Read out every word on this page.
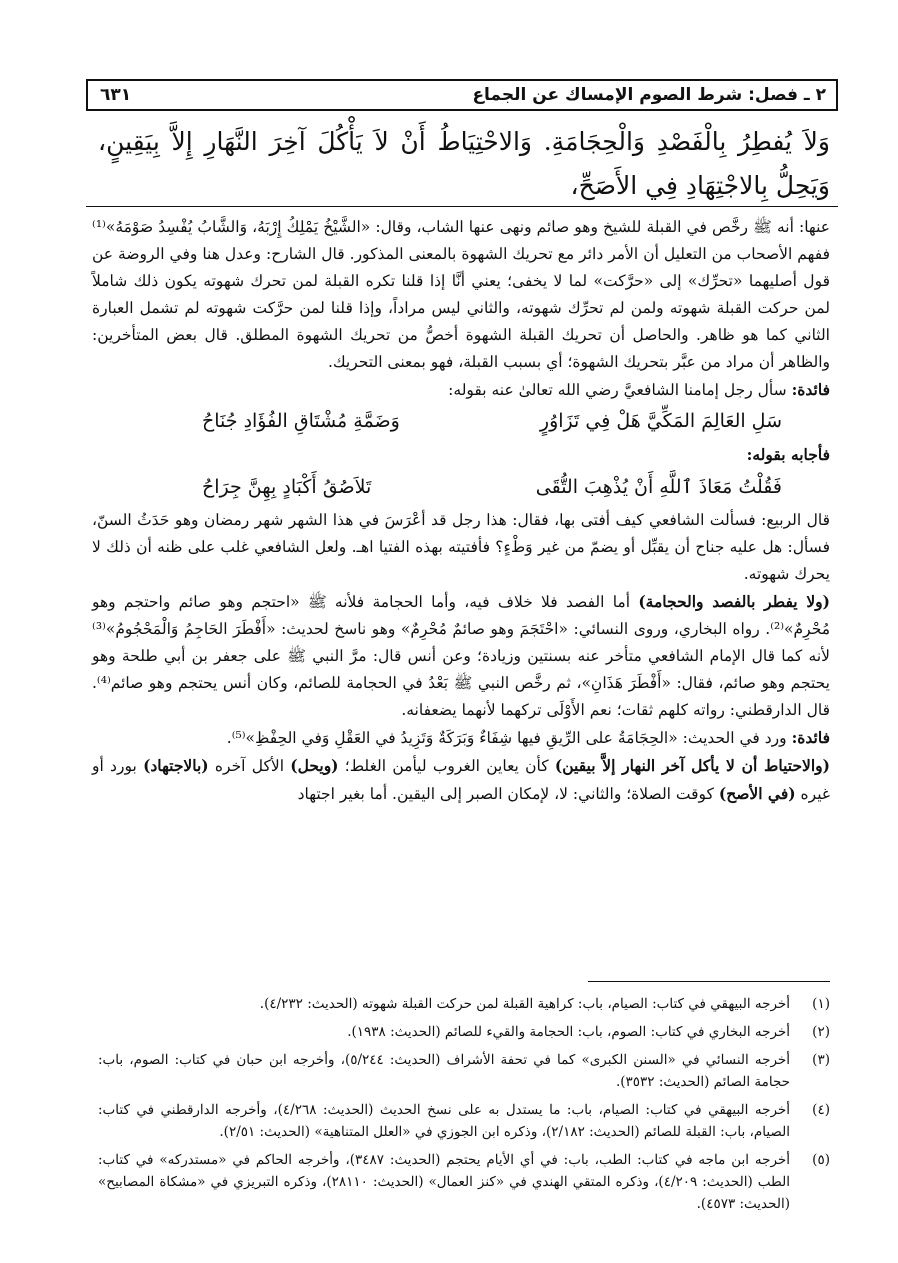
٢ ـ فصل: شرط الصوم الإمساك عن الجماع
٦٣١
وَلاَ يُفطِرُ بِالْفَصْدِ وَالْحِجَامَةِ. وَالاحْتِيَاطُ أَنْ لاَ يَأْكُلَ آخِرَ النَّهَارِ إِلاَّ بِيَقِينٍ، وَيَحِلُّ بِالاجْتِهَادِ فِي الأَصَحِّ،

عنها: أنه ﷺ رخَّص في القبلة للشيخ وهو صائم ونهى عنها الشاب، وقال: «الشَّيْخُ يَمْلِكُ إِرْبَهُ، وَالشَّابُ يُفْسِدُ صَوْمَهُ»⁽¹⁾ ففهم الأصحاب من التعليل أن الأمر دائر مع تحريك الشهوة بالمعنى المذكور. قال الشارح: وعدل هنا وفي الروضة عن قول أصليهما «تحرِّك» إلى «حرَّكت» لما لا يخفى؛ يعني أنَّا إذا قلنا تكره القبلة لمن تحرك شهوته يكون ذلك شاملاً لمن حركت القبلة شهوته ولمن لم تحرِّك شهوته، والثاني ليس مراداً، وإذا قلنا لمن حرَّكت شهوته لم تشمل العبارة الثاني كما هو ظاهر. والحاصل أن تحريك القبلة الشهوة أخصُّ من تحريك الشهوة المطلق. قال بعض المتأخرين: والظاهر أن مراد من عبَّر بتحريك الشهوة؛ أي بسبب القبلة، فهو بمعنى التحريك.

فائدة: سأل رجل إمامنا الشافعيَّ رضي الله تعالىٰ عنه بقوله:

سَلِ العَالِمَ المَكِّيَّ هَلْ فِي تَزَاوُرٍ
وَضَمَّةِ مُشْتَاقِ الفُؤَادِ جُنَاحُ

فأجابه بقوله:

فَقُلْتُ مَعَاذَ ٱللَّهِ أَنْ يُذْهِبَ التُّقَى
تَلاَصُقُ أَكْبَادٍ بِهِنَّ جِرَاحُ

قال الربيع: فسألت الشافعي كيف أفتى بها، فقال: هذا رجل قد أعْرَسَ في هذا الشهر شهر رمضان وهو حَدَثُ السنّ، فسأل: هل عليه جناح أن يقبِّل أو يضمّ من غير وَطْءٍ؟ فأفتيته بهذه الفتيا اهـ. ولعل الشافعي غلب على ظنه أن ذلك لا يحرك شهوته.

(ولا يفطر بالفصد والحجامة) أما الفصد فلا خلاف فيه، وأما الحجامة فلأنه ﷺ «احتجم وهو صائم واحتجم وهو مُحْرِمٌ»⁽²⁾. رواه البخاري، وروى النسائي: «احْتَجَمَ وهو صائمٌ مُحْرِمٌ» وهو ناسخ لحديث: «أَفْطَرَ الحَاجِمُ وَالْمَحْجُومُ»⁽³⁾ لأنه كما قال الإمام الشافعي متأخر عنه بسنتين وزيادة؛ وعن أنس قال: مرَّ النبي ﷺ على جعفر بن أبي طلحة وهو يحتجم وهو صائم، فقال: «أَفْطَرَ هَذَانِ»، ثم رخَّص النبي ﷺ بَعْدُ في الحجامة للصائم، وكان أنس يحتجم وهو صائم⁽⁴⁾. قال الدارقطني: رواته كلهم ثقات؛ نعم الأَوْلَى تركهما لأنهما يضعفانه.

فائدة: ورد في الحديث: «الحِجَامَةُ على الرِّيقِ فيها شِفَاءٌ وَبَرَكَةٌ وَتَزِيدُ في العَقْلِ وَفي الحِفْظِ»⁽⁵⁾.

(والاحتياط أن لا يأكل آخر النهار إلاَّ بيقين) كأن يعاين الغروب ليأمن الغلط؛ (ويحل) الأكل آخره (بالاجتهاد) بورد أو غيره (في الأصح) كوقت الصلاة؛ والثاني: لا، لإمكان الصبر إلى اليقين. أما بغير اجتهاد

(١)
أخرجه البيهقي في كتاب: الصيام، باب: كراهية القبلة لمن حركت القبلة شهوته (الحديث: ٤/٢٣٢).
(٢)
أخرجه البخاري في كتاب: الصوم، باب: الحجامة والقيء للصائم (الحديث: ١٩٣٨).
(٣)
أخرجه النسائي في «السنن الكبرى» كما في تحفة الأشراف (الحديث: ٥/٢٤٤)، وأخرجه ابن حبان في كتاب: الصوم، باب: حجامة الصائم (الحديث: ٣٥٣٢).
(٤)
أخرجه البيهقي في كتاب: الصيام، باب: ما يستدل به على نسخ الحديث (الحديث: ٤/٢٦٨)، وأخرجه الدارقطني في كتاب: الصيام، باب: القبلة للصائم (الحديث: ٢/١٨٢)، وذكره ابن الجوزي في «العلل المتناهية» (الحديث: ٢/٥١).
(٥)
أخرجه ابن ماجه في كتاب: الطب، باب: في أي الأيام يحتجم (الحديث: ٣٤٨٧)، وأخرجه الحاكم في «مستدركه» في كتاب: الطب (الحديث: ٤/٢٠٩)، وذكره المتقي الهندي في «كنز العمال» (الحديث: ٢٨١١٠)، وذكره التبريزي في «مشكاة المصابيح» (الحديث: ٤٥٧٣).
